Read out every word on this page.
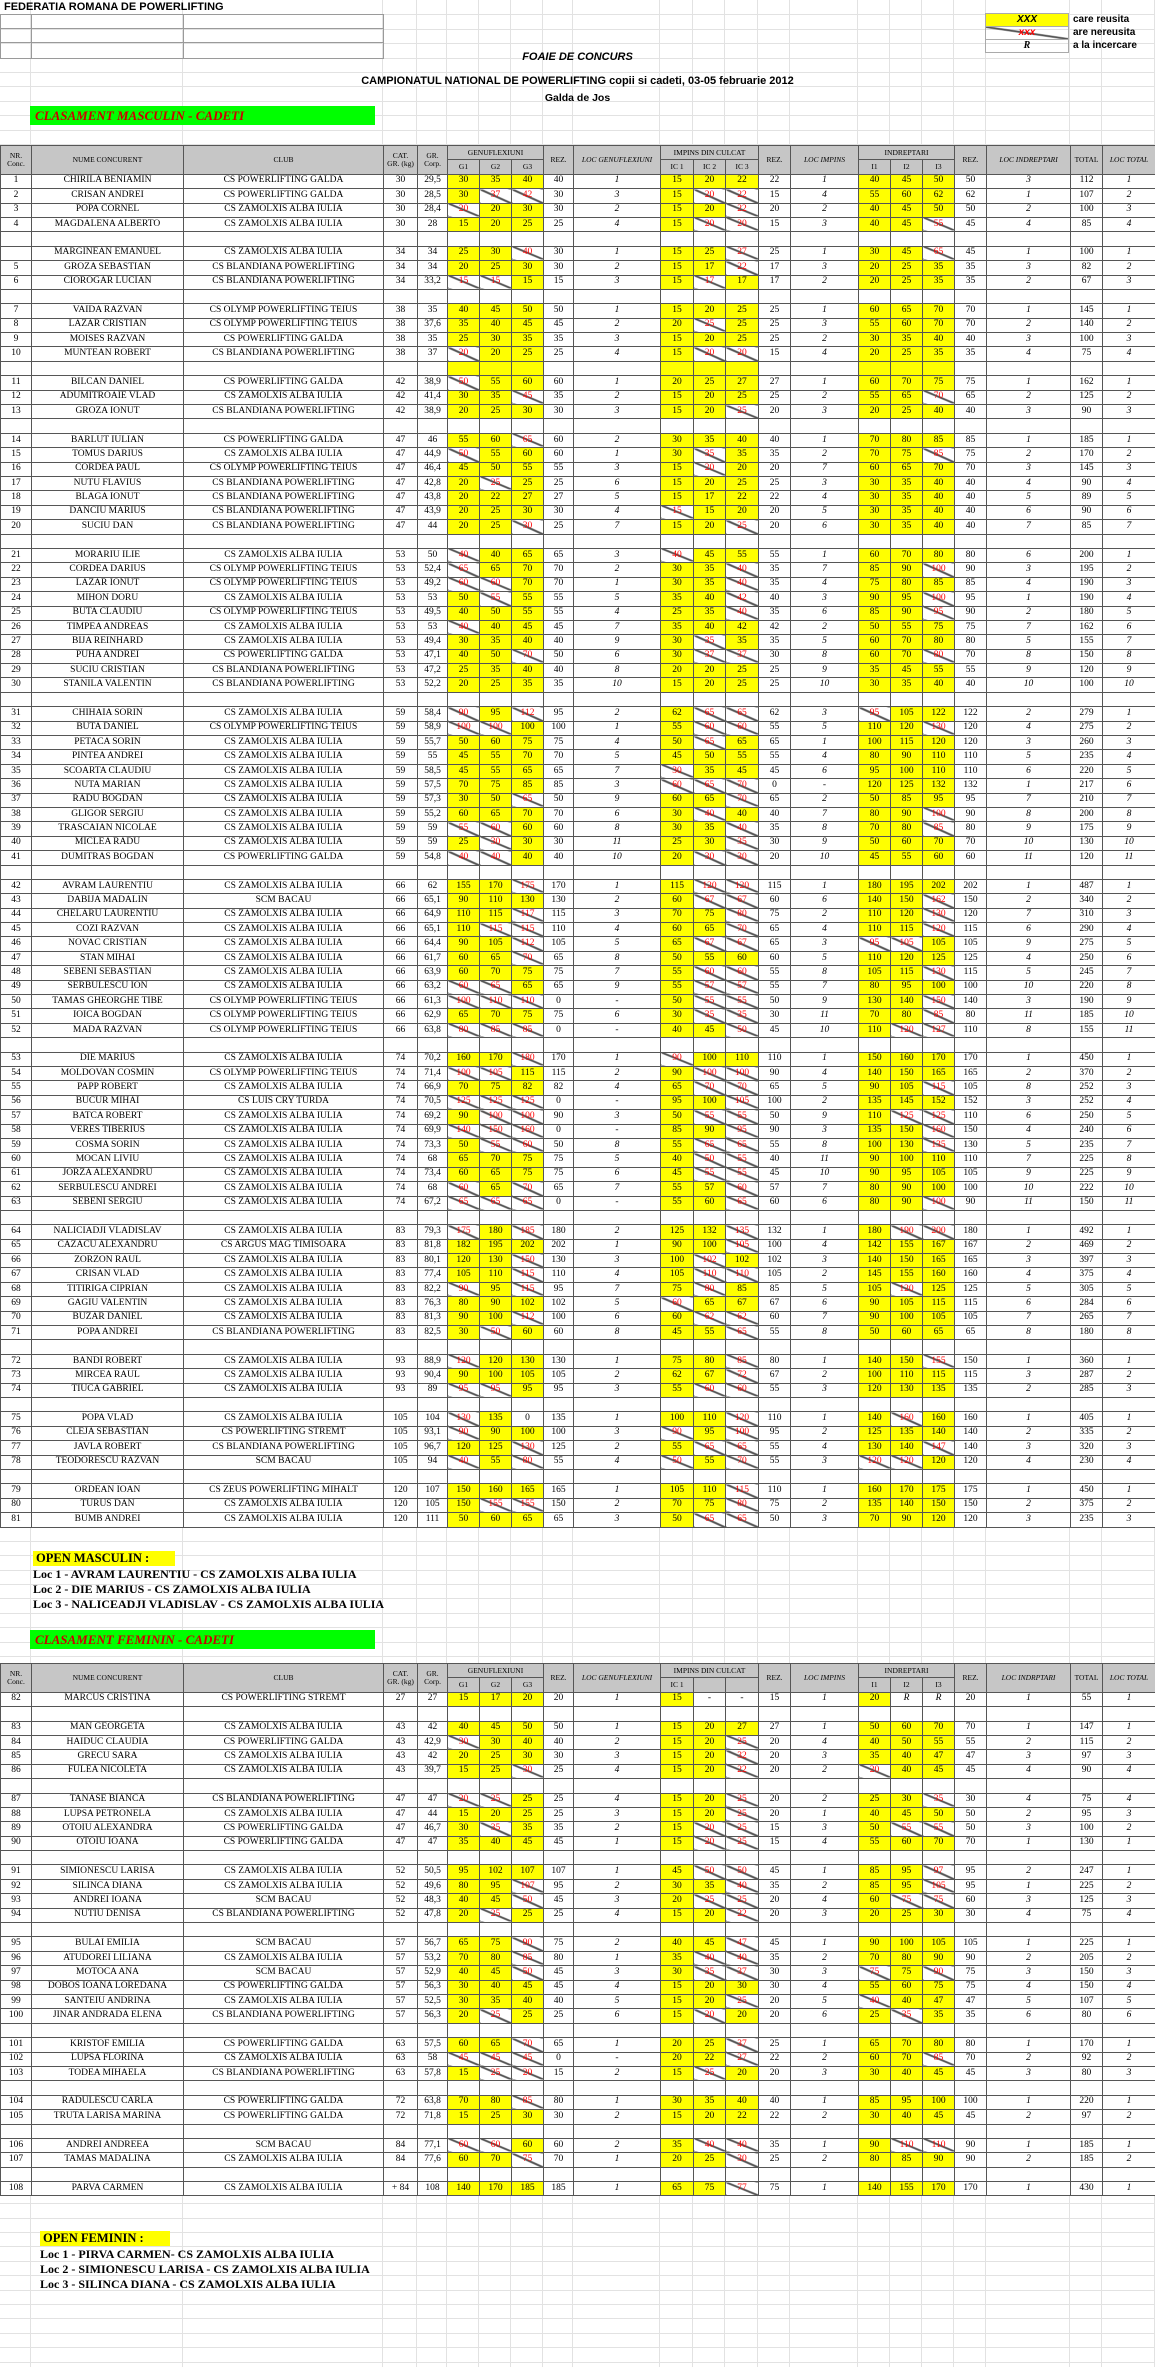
FEDERATIA ROMANA DE POWERLIFTING
XXX	care reusita
xxx	are nereusita
R	a la incercare
FOAIE DE CONCURS
CAMPIONATUL NATIONAL DE POWERLIFTING copii si cadeti, 03-05 februarie 2012
Galda de Jos
CLASAMENT MASCULIN - CADETI
NR.
Conc.	NUME CONCURENT	CLUB	CAT.
GR. (kg)	GR.
Corp.	GENUFLEXIUNI			REZ.	LOC GENUFLEXIUNI	IMPINS DIN CULCAT			REZ.	LOC IMPINS	INDREPTARI			REZ.	LOC INDREPTARI	TOTAL	LOC TOTAL
					G1	G2	G3			IC 1	IC 2	IC 3			I1	I2	I3				
1	CHIRILA BENIAMIN	CS POWERLIFTING GALDA	30	29,5	30	35	40	40	1	15	20	22	22	1	40	45	50	50	3	112	1
2	CRISAN ANDREI	CS POWERLIFTING GALDA	30	28,5	30	37	42	30	3	15	20	22	15	4	55	60	62	62	1	107	2
3	POPA CORNEL	CS ZAMOLXIS ALBA IULIA	30	28,4	20	20	30	30	2	15	20	22	20	2	40	45	50	50	2	100	3
4	MAGDALENA ALBERTO	CS ZAMOLXIS ALBA IULIA	30	28	15	20	25	25	4	15	20	20	15	3	40	45	55	45	4	85	4

	MARGINEAN EMANUEL	CS ZAMOLXIS ALBA IULIA	34	34	25	30	40	30	1	15	25	27	25	1	30	45	65	45	1	100	1
5	GROZA SEBASTIAN	CS BLANDIANA POWERLIFTING	34	34	20	25	30	30	2	15	17	22	17	3	20	25	35	35	3	82	2
6	CIOROGAR LUCIAN	CS BLANDIANA POWERLIFTING	34	33,2	15	15	15	15	3	15	17	17	17	2	20	25	35	35	2	67	3

7	VAIDA RAZVAN	CS OLYMP POWERLIFTING TEIUS	38	35	40	45	50	50	1	15	20	25	25	1	60	65	70	70	1	145	1
8	LAZAR CRISTIAN	CS OLYMP POWERLIFTING TEIUS	38	37,6	35	40	45	45	2	20	25	25	25	3	55	60	70	70	2	140	2
9	MOISES RAZVAN	CS POWERLIFTING GALDA	38	35	25	30	35	35	3	15	20	25	25	2	30	35	40	40	3	100	3
10	MUNTEAN ROBERT	CS BLANDIANA POWERLIFTING	38	37	20	20	25	25	4	15	20	20	15	4	20	25	35	35	4	75	4

11	BILCAN DANIEL	CS POWERLIFTING GALDA	42	38,9	50	55	60	60	1	20	25	27	27	1	60	70	75	75	1	162	1
12	ADUMITROAIE VLAD	CS ZAMOLXIS ALBA IULIA	42	41,4	30	35	45	35	2	15	20	25	25	2	55	65	70	65	2	125	2
13	GROZA IONUT	CS BLANDIANA POWERLIFTING	42	38,9	20	25	30	30	3	15	20	25	20	3	20	25	40	40	3	90	3

14	BARLUT IULIAN	CS POWERLIFTING GALDA	47	46	55	60	65	60	2	30	35	40	40	1	70	80	85	85	1	185	1
15	TOMUS DARIUS	CS ZAMOLXIS ALBA IULIA	47	44,9	50	55	60	60	1	30	35	35	35	2	70	75	85	75	2	170	2
16	CORDEA PAUL	CS OLYMP POWERLIFTING TEIUS	47	46,4	45	50	55	55	3	15	20	20	20	7	60	65	70	70	3	145	3
17	NUTU FLAVIUS	CS BLANDIANA POWERLIFTING	47	42,8	20	25	25	25	6	15	20	25	25	3	30	35	40	40	4	90	4
18	BLAGA IONUT	CS BLANDIANA POWERLIFTING	47	43,8	20	22	27	27	5	15	17	22	22	4	30	35	40	40	5	89	5
19	DANCIU MARIUS	CS BLANDIANA POWERLIFTING	47	43,9	20	25	30	30	4	15	15	20	20	5	30	35	40	40	6	90	6
20	SUCIU DAN	CS BLANDIANA POWERLIFTING	47	44	20	25	30	25	7	15	20	25	20	6	30	35	40	40	7	85	7

21	MORARIU ILIE	CS ZAMOLXIS ALBA IULIA	53	50	40	40	65	65	3	40	45	55	55	1	60	70	80	80	6	200	1
22	CORDEA DARIUS	CS OLYMP POWERLIFTING TEIUS	53	52,4	65	65	70	70	2	30	35	40	35	7	85	90	100	90	3	195	2
23	LAZAR IONUT	CS OLYMP POWERLIFTING TEIUS	53	49,2	60	60	70	70	1	30	35	40	35	4	75	80	85	85	4	190	3
24	MIHON DORU	CS ZAMOLXIS ALBA IULIA	53	53	50	55	55	55	5	35	40	42	40	3	90	95	100	95	1	190	4
25	BUTA CLAUDIU	CS OLYMP POWERLIFTING TEIUS	53	49,5	40	50	55	55	4	25	35	40	35	6	85	90	95	90	2	180	5
26	TIMPEA ANDREAS	CS ZAMOLXIS ALBA IULIA	53	53	40	40	45	45	7	35	40	42	42	2	50	55	75	75	7	162	6
27	BIJA REINHARD	CS ZAMOLXIS ALBA IULIA	53	49,4	30	35	40	40	9	30	35	35	35	5	60	70	80	80	5	155	7
28	PUHA ANDREI	CS POWERLIFTING GALDA	53	47,1	40	50	70	50	6	30	37	37	30	8	60	70	80	70	8	150	8
29	SUCIU CRISTIAN	CS BLANDIANA POWERLIFTING	53	47,2	25	35	40	40	8	20	20	25	25	9	35	45	55	55	9	120	9
30	STANILA VALENTIN	CS BLANDIANA POWERLIFTING	53	52,2	20	25	35	35	10	15	20	25	25	10	30	35	40	40	10	100	10

31	CHIHAIA SORIN	CS ZAMOLXIS ALBA IULIA	59	58,4	90	95	112	95	2	62	65	65	62	3	95	105	122	122	2	279	1
32	BUTA DANIEL	CS OLYMP POWERLIFTING TEIUS	59	58,9	100	100	100	100	1	55	60	60	55	5	110	120	130	120	4	275	2
33	PETACA SORIN	CS ZAMOLXIS ALBA IULIA	59	55,7	50	60	75	75	4	50	65	65	65	1	100	115	120	120	3	260	3
34	PINTEA ANDREI	CS ZAMOLXIS ALBA IULIA	59	55	45	55	70	70	5	45	50	55	55	4	80	90	110	110	5	235	4
35	SCOARTA CLAUDIU	CS ZAMOLXIS ALBA IULIA	59	58,5	45	55	65	65	7	30	35	45	45	6	95	100	110	110	6	220	5
36	NUTA MARIAN	CS ZAMOLXIS ALBA IULIA	59	57,5	70	75	85	85	3	60	65	70	0	-	120	125	132	132	1	217	6
37	RADU BOGDAN	CS ZAMOLXIS ALBA IULIA	59	57,3	30	50	65	50	9	60	65	70	65	2	50	85	95	95	7	210	7
38	GLIGOR SERGIU	CS ZAMOLXIS ALBA IULIA	59	55,2	60	65	70	70	6	30	40	40	40	7	80	90	100	90	8	200	8
39	TRASCAIAN NICOLAE	CS ZAMOLXIS ALBA IULIA	59	59	55	60	60	60	8	30	35	40	35	8	70	80	85	80	9	175	9
40	MICLEA RADU	CS ZAMOLXIS ALBA IULIA	59	59	25	30	30	30	11	25	30	35	30	9	50	60	70	70	10	130	10
41	DUMITRAS BOGDAN	CS POWERLIFTING GALDA	59	54,8	40	40	40	40	10	20	30	30	20	10	45	55	60	60	11	120	11

42	AVRAM LAURENTIU	CS ZAMOLXIS ALBA IULIA	66	62	155	170	175	170	1	115	120	120	115	1	180	195	202	202	1	487	1
43	DABIJA MADALIN	SCM BACAU	66	65,1	90	110	130	130	2	60	67	67	60	6	140	150	162	150	2	340	2
44	CHELARU LAURENTIU	CS ZAMOLXIS ALBA IULIA	66	64,9	110	115	117	115	3	70	75	80	75	2	110	120	130	120	7	310	3
45	COZI RAZVAN	CS ZAMOLXIS ALBA IULIA	66	65,1	110	115	115	110	4	60	65	70	65	4	110	115	120	115	6	290	4
46	NOVAC CRISTIAN	CS ZAMOLXIS ALBA IULIA	66	64,4	90	105	112	105	5	65	67	67	65	3	95	105	105	105	9	275	5
47	STAN MIHAI	CS ZAMOLXIS ALBA IULIA	66	61,7	60	65	70	65	8	50	55	60	60	5	110	120	125	125	4	250	6
48	SEBENI SEBASTIAN	CS ZAMOLXIS ALBA IULIA	66	63,9	60	70	75	75	7	55	60	60	55	8	105	115	130	115	5	245	7
49	SERBULESCU ION	CS ZAMOLXIS ALBA IULIA	66	63,2	60	65	65	65	9	55	57	57	55	7	80	95	100	100	10	220	8
50	TAMAS GHEORGHE TIBE	CS OLYMP POWERLIFTING TEIUS	66	61,3	100	110	110	0	-	50	55	55	50	9	130	140	150	140	3	190	9
51	IOICA BOGDAN	CS OLYMP POWERLIFTING TEIUS	66	62,9	65	70	75	75	6	30	35	35	30	11	70	80	85	80	11	185	10
52	MADA RAZVAN	CS OLYMP POWERLIFTING TEIUS	66	63,8	80	85	85	0	-	40	45	50	45	10	110	120	127	110	8	155	11

53	DIE MARIUS	CS ZAMOLXIS ALBA IULIA	74	70,2	160	170	180	170	1	90	100	110	110	1	150	160	170	170	1	450	1
54	MOLDOVAN COSMIN	CS OLYMP POWERLIFTING TEIUS	74	71,4	100	105	115	115	2	90	100	100	90	4	140	150	165	165	2	370	2
55	PAPP ROBERT	CS ZAMOLXIS ALBA IULIA	74	66,9	70	75	82	82	4	65	70	70	65	5	90	105	115	105	8	252	3
56	BUCUR MIHAI	CS LUIS CRY TURDA	74	70,5	125	125	125	0	-	95	100	105	100	2	135	145	152	152	3	252	4
57	BATCA ROBERT	CS ZAMOLXIS ALBA IULIA	74	69,2	90	100	100	90	3	50	55	55	50	9	110	125	125	110	6	250	5
58	VERES TIBERIUS	CS ZAMOLXIS ALBA IULIA	74	69,9	140	150	160	0	-	85	90	95	90	3	135	150	160	150	4	240	6
59	COSMA SORIN	CS ZAMOLXIS ALBA IULIA	74	73,3	50	55	60	50	8	55	65	65	55	8	100	130	135	130	5	235	7
60	MOCAN LIVIU	CS ZAMOLXIS ALBA IULIA	74	68	65	70	75	75	5	40	50	55	40	11	90	100	110	110	7	225	8
61	JORZA ALEXANDRU	CS ZAMOLXIS ALBA IULIA	74	73,4	60	65	75	75	6	45	55	55	45	10	90	95	105	105	9	225	9
62	SERBULESCU ANDREI	CS ZAMOLXIS ALBA IULIA	74	68	60	65	70	65	7	55	57	60	57	7	80	90	100	100	10	222	10
63	SEBENI SERGIU	CS ZAMOLXIS ALBA IULIA	74	67,2	65	65	65	0	-	55	60	65	60	6	80	90	100	90	11	150	11

64	NALICIADJI VLADISLAV	CS ZAMOLXIS ALBA IULIA	83	79,3	175	180	185	180	2	125	132	135	132	1	180	190	200	180	1	492	1
65	CAZACU ALEXANDRU	CS ARGUS MAG TIMISOARA	83	81,8	182	195	202	202	1	90	100	105	100	4	142	155	167	167	2	469	2
66	ZORZON RAUL	CS ZAMOLXIS ALBA IULIA	83	80,1	120	130	150	130	3	100	102	102	102	3	140	150	165	165	3	397	3
67	CRISAN VLAD	CS ZAMOLXIS ALBA IULIA	83	77,4	105	110	115	110	4	105	110	110	105	2	145	155	160	160	4	375	4
68	TITIRIGA CIPRIAN	CS ZAMOLXIS ALBA IULIA	83	82,2	90	95	115	95	7	75	80	85	85	5	105	120	125	125	5	305	5
69	GAGIU VALENTIN	CS ZAMOLXIS ALBA IULIA	83	76,3	80	90	102	102	5	60	65	67	67	6	90	105	115	115	6	284	6
70	BUZAR DANIEL	CS ZAMOLXIS ALBA IULIA	83	81,3	90	100	112	100	6	60	62	62	60	7	90	100	105	105	7	265	7
71	POPA ANDREI	CS BLANDIANA POWERLIFTING	83	82,5	30	50	60	60	8	45	55	65	55	8	50	60	65	65	8	180	8

72	BANDI ROBERT	CS ZAMOLXIS ALBA IULIA	93	88,9	120	120	130	130	1	75	80	85	80	1	140	150	155	150	1	360	1
73	MIRCEA RAUL	CS ZAMOLXIS ALBA IULIA	93	90,4	90	100	105	105	2	62	67	72	67	2	100	110	115	115	3	287	2
74	TIUCA GABRIEL	CS ZAMOLXIS ALBA IULIA	93	89	95	95	95	95	3	55	60	60	55	3	120	130	135	135	2	285	3

75	POPA VLAD	CS ZAMOLXIS ALBA IULIA	105	104	130	135	0	135	1	100	110	120	110	1	140	160	160	160	1	405	1
76	CLEJA SEBASTIAN	CS POWERLIFTING STREMT	105	93,1	90	90	100	100	3	90	95	100	95	2	125	135	140	140	2	335	2
77	JAVLA ROBERT	CS BLANDIANA POWERLIFTING	105	96,7	120	125	130	125	2	55	65	65	55	4	130	140	147	140	3	320	3
78	TEODORESCU RAZVAN	SCM BACAU	105	94	40	55	80	55	4	50	55	70	55	3	120	120	120	120	4	230	4

79	ORDEAN IOAN	CS ZEUS POWERLIFTING MIHALT	120	107	150	160	165	165	1	105	110	115	110	1	160	170	175	175	1	450	1
80	TURUS DAN	CS ZAMOLXIS ALBA IULIA	120	105	150	155	155	150	2	70	75	80	75	2	135	140	150	150	2	375	2
81	BUMB ANDREI	CS ZAMOLXIS ALBA IULIA	120	111	50	60	65	65	3	50	65	65	50	3	70	90	120	120	3	235	3
OPEN MASCULIN :
Loc 1 - AVRAM LAURENTIU - CS ZAMOLXIS ALBA IULIA
Loc 2 - DIE MARIUS - CS ZAMOLXIS ALBA IULIA
Loc 3 - NALICEADJI VLADISLAV - CS ZAMOLXIS ALBA IULIA
CLASAMENT FEMININ - CADETI
NR.
Conc.	NUME CONCURENT	CLUB	CAT.
GR. (kg)	GR.
Corp.	GENUFLEXIUNI			REZ.	LOC GENUFLEXIUNI	IMPINS DIN CULCAT			REZ.	LOC IMPINS	INDREPTARI			REZ.	LOC INDRPTARI	TOTAL	LOC TOTAL
					G1	G2	G3			IC 1					I1	I2	I3				
82	MARCUS CRISTINA	CS POWERLIFTING STREMT	27	27	15	17	20	20	1	15	-	-	15	1	20	R	R	20	1	55	1

83	MAN GEORGETA	CS ZAMOLXIS ALBA IULIA	43	42	40	45	50	50	1	15	20	27	27	1	50	60	70	70	1	147	1
84	HAIDUC CLAUDIA	CS POWERLIFTING GALDA	43	42,9	30	30	40	40	2	15	20	25	20	4	40	50	55	55	2	115	2
85	GRECU SARA	CS ZAMOLXIS ALBA IULIA	43	42	20	25	30	30	3	15	20	32	20	3	35	40	47	47	3	97	3
86	FULEA NICOLETA	CS ZAMOLXIS ALBA IULIA	43	39,7	15	25	30	25	4	15	20	22	20	2	20	40	45	45	4	90	4

87	TANASE BIANCA	CS BLANDIANA POWERLIFTING	47	47	20	25	25	25	4	15	20	25	20	2	25	30	35	30	4	75	4
88	LUPSA PETRONELA	CS ZAMOLXIS ALBA IULIA	47	44	15	20	25	25	3	15	20	25	20	1	40	45	50	50	2	95	3
89	OTOIU ALEXANDRA	CS POWERLIFTING GALDA	47	46,7	30	35	35	35	2	15	20	25	15	3	50	55	55	50	3	100	2
90	OTOIU IOANA	CS POWERLIFTING GALDA	47	47	35	40	45	45	1	15	20	25	15	4	55	60	70	70	1	130	1

91	SIMIONESCU LARISA	CS ZAMOLXIS ALBA IULIA	52	50,5	95	102	107	107	1	45	50	50	45	1	85	95	97	95	2	247	1
92	SILINCA DIANA	CS ZAMOLXIS ALBA IULIA	52	49,6	80	95	107	95	2	30	35	40	35	2	85	95	105	95	1	225	2
93	ANDREI IOANA	SCM BACAU	52	48,3	40	45	50	45	3	20	25	25	20	4	60	75	75	60	3	125	3
94	NUTIU DENISA	CS BLANDIANA POWERLIFTING	52	47,8	20	25	25	25	4	15	20	22	20	3	20	25	30	30	4	75	4

95	BULAI EMILIA	SCM BACAU	57	56,7	65	75	90	75	2	40	45	47	45	1	90	100	105	105	1	225	1
96	ATUDOREI LILIANA	CS ZAMOLXIS ALBA IULIA	57	53,2	70	80	85	80	1	35	40	40	35	2	70	80	90	90	2	205	2
97	MOTOCA ANA	SCM BACAU	57	52,9	40	45	50	45	3	30	35	37	30	3	75	75	90	75	3	150	3
98	DOBOS IOANA LOREDANA	CS POWERLIFTING GALDA	57	56,3	30	40	45	45	4	15	20	30	30	4	55	60	75	75	4	150	4
99	SANTEIU ANDRINA	CS ZAMOLXIS ALBA IULIA	57	52,5	30	35	40	40	5	15	20	25	20	5	40	40	47	47	5	107	5
100	JINAR ANDRADA ELENA	CS BLANDIANA POWERLIFTING	57	56,3	20	25	25	25	6	15	20	20	20	6	25	35	35	35	6	80	6

101	KRISTOF EMILIA	CS POWERLIFTING GALDA	63	57,5	60	65	70	65	1	20	25	37	25	1	65	70	80	80	1	170	1
102	LUPSA FLORINA	CS ZAMOLXIS ALBA IULIA	63	58	45	45	45	0	-	20	22	27	22	2	60	70	85	70	2	92	2
103	TODEA MIHAELA	CS BLANDIANA POWERLIFTING	63	57,8	15	25	20	15	2	15	25	20	20	3	30	40	45	45	3	80	3

104	RADULESCU CARLA	CS POWERLIFTING GALDA	72	63,8	70	80	85	80	1	30	35	40	40	1	85	95	100	100	1	220	1
105	TRUTA LARISA MARINA	CS POWERLIFTING GALDA	72	71,8	15	25	30	30	2	15	20	22	22	2	30	40	45	45	2	97	2

106	ANDREI ANDREEA	SCM BACAU	84	77,1	60	60	60	60	2	35	40	40	35	1	90	110	110	90	1	185	1
107	TAMAS MADALINA	CS ZAMOLXIS ALBA IULIA	84	77,6	60	70	75	70	1	20	25	30	25	2	80	85	90	90	2	185	2

108	PARVA CARMEN	CS ZAMOLXIS ALBA IULIA	+ 84	108	140	170	185	185	1	65	75	77	75	1	140	155	170	170	1	430	1
OPEN FEMININ :
Loc 1 - PIRVA CARMEN- CS ZAMOLXIS ALBA IULIA
Loc 2 - SIMIONESCU LARISA - CS ZAMOLXIS ALBA IULIA
Loc 3 - SILINCA DIANA - CS ZAMOLXIS ALBA IULIA
